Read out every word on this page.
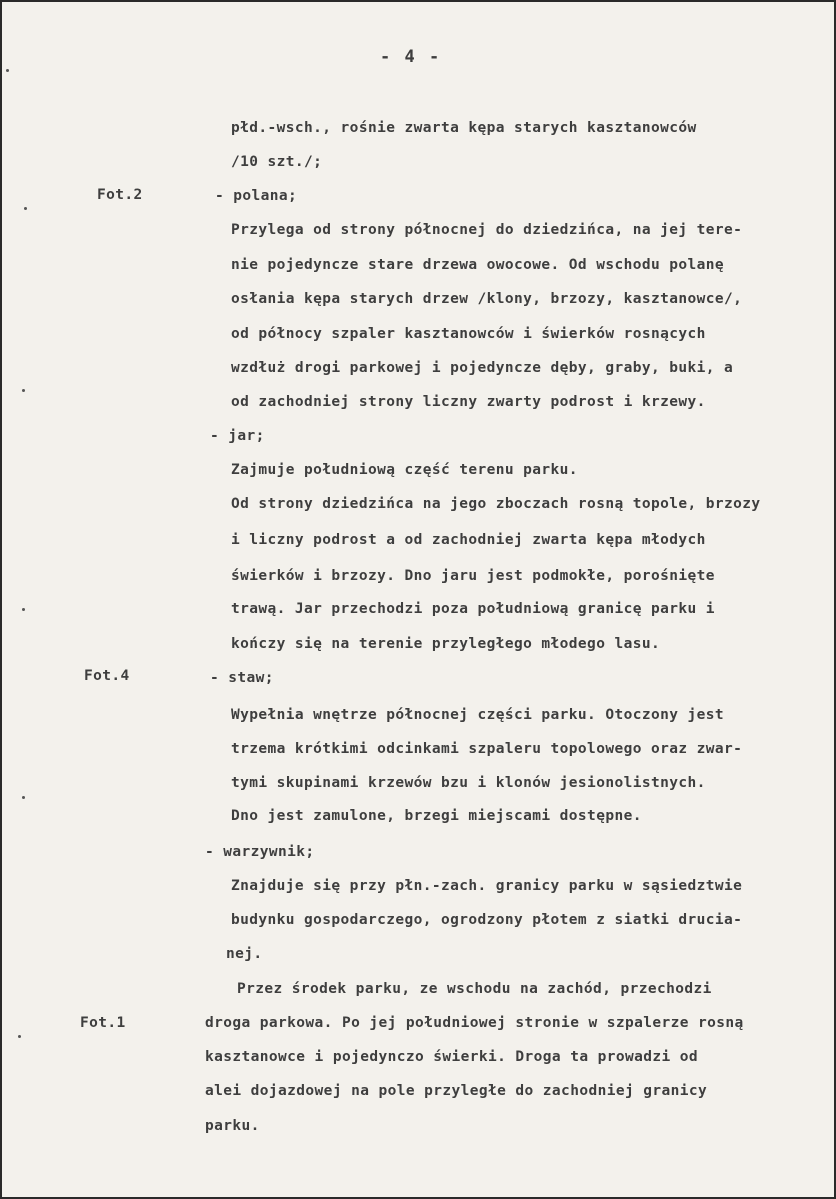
- 4 -
Fot.2
Fot.4
Fot.1
płd.-wsch., rośnie zwarta kępa starych kasztanowców
/10 szt./;
- polana;
Przylega od strony północnej do dziedzińca, na jej tere-
nie pojedyncze stare drzewa owocowe. Od wschodu polanę
osłania kępa starych drzew /klony, brzozy, kasztanowce/,
od północy szpaler kasztanowców i świerków rosnących
wzdłuż drogi parkowej i pojedyncze dęby, graby, buki, a
od zachodniej strony liczny zwarty podrost i krzewy.
- jar;
Zajmuje południową część terenu parku.
Od strony dziedzińca na jego zboczach rosną topole, brzozy
i liczny podrost a od zachodniej zwarta kępa młodych
świerków i brzozy. Dno jaru jest podmokłe, porośnięte
trawą. Jar przechodzi poza południową granicę parku i
kończy się na terenie przyległego młodego lasu.
- staw;
Wypełnia wnętrze północnej części parku. Otoczony jest
trzema krótkimi odcinkami szpaleru topolowego oraz zwar-
tymi skupinami krzewów bzu i klonów jesionolistnych.
Dno jest zamulone, brzegi miejscami dostępne.
- warzywnik;
Znajduje się przy płn.-zach. granicy parku w sąsiedztwie
budynku gospodarczego, ogrodzony płotem z siatki drucia-
nej.
Przez środek parku, ze wschodu na zachód, przechodzi
droga parkowa. Po jej południowej stronie w szpalerze rosną
kasztanowce i pojedynczo świerki. Droga ta prowadzi od
alei dojazdowej na pole przyległe do zachodniej granicy
parku.
